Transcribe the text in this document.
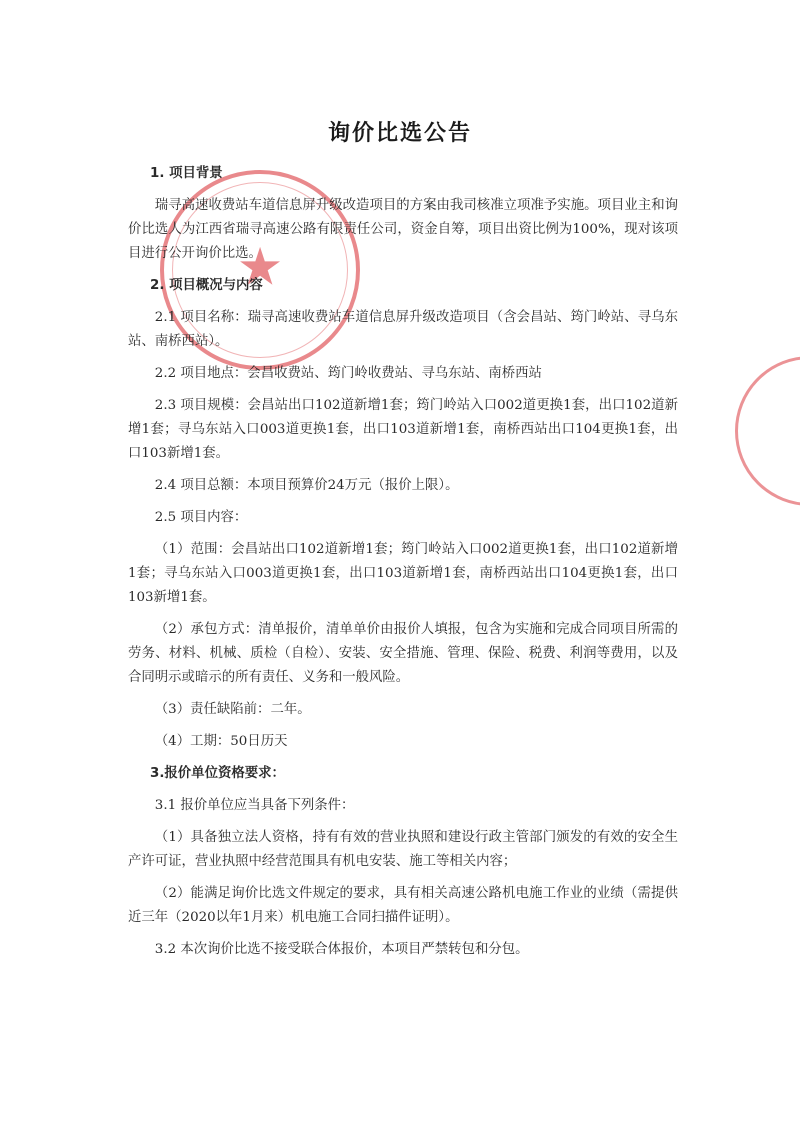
★
询价比选公告

1. 项目背景

瑞寻高速收费站车道信息屏升级改造项目的方案由我司核准立项准予实施。项目业主和询价比选人为江西省瑞寻高速公路有限责任公司，资金自筹，项目出资比例为100%，现对该项目进行公开询价比选。

2. 项目概况与内容

2.1 项目名称：瑞寻高速收费站车道信息屏升级改造项目（含会昌站、筠门岭站、寻乌东站、南桥西站）。

2.2 项目地点：会昌收费站、筠门岭收费站、寻乌东站、南桥西站

2.3 项目规模：会昌站出口102道新增1套；筠门岭站入口002道更换1套，出口102道新增1套；寻乌东站入口003道更换1套，出口103道新增1套，南桥西站出口104更换1套，出口103新增1套。

2.4 项目总额：本项目预算价24万元（报价上限）。

2.5 项目内容：

（1）范围：会昌站出口102道新增1套；筠门岭站入口002道更换1套，出口102道新增1套；寻乌东站入口003道更换1套，出口103道新增1套，南桥西站出口104更换1套，出口103新增1套。

（2）承包方式：清单报价，清单单价由报价人填报，包含为实施和完成合同项目所需的劳务、材料、机械、质检（自检）、安装、安全措施、管理、保险、税费、利润等费用，以及合同明示或暗示的所有责任、义务和一般风险。

（3）责任缺陷前：二年。

（4）工期：50日历天

3.报价单位资格要求：

3.1 报价单位应当具备下列条件：

（1）具备独立法人资格，持有有效的营业执照和建设行政主管部门颁发的有效的安全生产许可证，营业执照中经营范围具有机电安装、施工等相关内容；

（2）能满足询价比选文件规定的要求，具有相关高速公路机电施工作业的业绩（需提供近三年（2020以年1月来）机电施工合同扫描件证明）。

3.2 本次询价比选不接受联合体报价，本项目严禁转包和分包。
